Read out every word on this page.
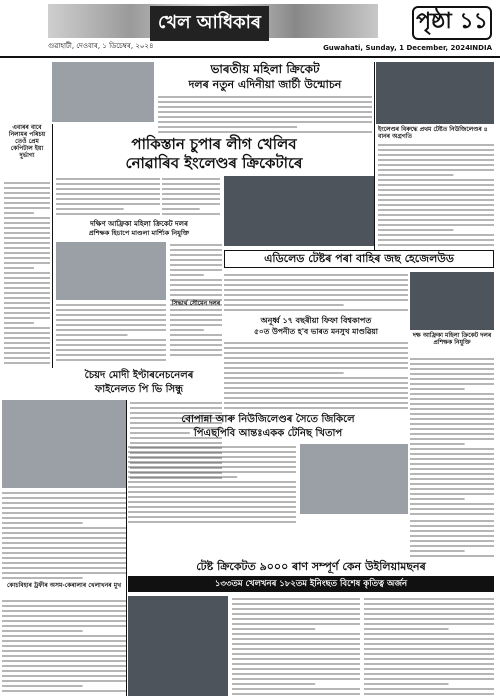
খেল আধিকাৰ	পৃষ্ঠা ১১
গুৱাহাটী, দেওবাৰ, ১ ডিচেম্বৰ, ২০২৪	Guwahati, Sunday, 1 December, 2024 INDIA
ভাৰতীয় মহিলা ক্ৰিকেট
দলৰ নতুন এদিনীয়া জাৰ্চী উন্মোচন
ইংলেণ্ডৰ বিৰুদ্ধে প্ৰথম টেষ্টত নিউজিলেণ্ডৰ ৪ বানৰ অগ্ৰগতি
এবাৰৰ বাবে নিলামৰ পৰিচয় তেওঁ প্ৰেম কেপিটাল ইয়া দুৰ্ভাগ্য
পাকিস্তান চুপাৰ লীগ খেলিব
নোৱাৰিব ইংলেণ্ডৰ ক্ৰিকেটাৰে
দক্ষিণ আফ্ৰিকা মহিলা ক্ৰিকেট দলৰ
প্ৰশিক্ষক হিচাপে মাণ্ডলা মাৰ্শ্যিক নিযুক্তি
এডিলেড টেষ্টৰ পৰা বাহিৰ জছ হেজেলউড
দক্ষ আফ্ৰিকা মহিলা ক্ৰিকেট দলৰ প্ৰশিক্ষক নিযুক্তি
সিদ্ধাৰ্থ সৌমেন দলৰ
অনূৰ্ধ্ব ১৭ বছৰীয়া ফিফা বিশ্বকাপত
৫০ত উপনীত হ'ব ভাৰত মনসুখ মাণ্ডৱিয়া
চৈয়দ মোদী ইণ্টাৰনেচনেলৰ
ফাইনেলত পি ভি সিন্ধু
বোপান্না আৰু নিউজিলেণ্ডৰ সৈতে জিকিলে
পিএছপিবি আন্তঃএকক টেনিছ খিতাপ
কোচবিহাৰ ট্ৰফীৰ অসম-কেৰালাৰ খেলাখনৰ মুখ
টেষ্ট ক্ৰিকেটত ৯০০০ ৰাণ সম্পূৰ্ণ কেন উইলিয়ামছনৰ
১৩৩তম খেলখনৰ ১৮২তম ইনিংছত বিশেষ কৃতিত্ব অৰ্জন
